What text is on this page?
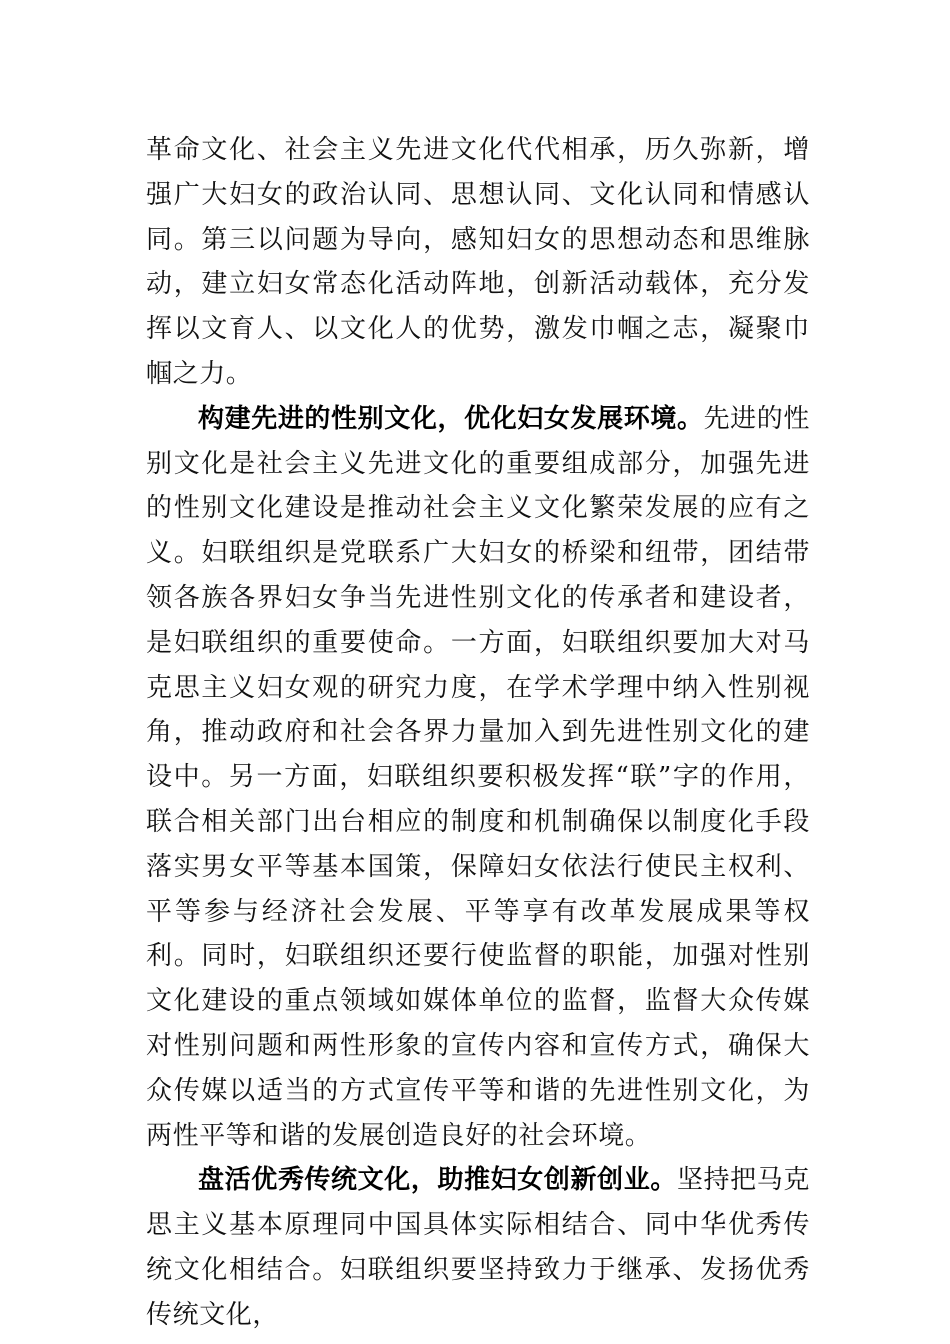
革命文化、社会主义先进文化代代相承，历久弥新，增强广大妇女的政治认同、思想认同、文化认同和情感认同。第三以问题为导向，感知妇女的思想动态和思维脉动，建立妇女常态化活动阵地，创新活动载体，充分发挥以文育人、以文化人的优势，激发巾帼之志，凝聚巾帼之力。

构建先进的性别文化，优化妇女发展环境。先进的性别文化是社会主义先进文化的重要组成部分，加强先进的性别文化建设是推动社会主义文化繁荣发展的应有之义。妇联组织是党联系广大妇女的桥梁和纽带，团结带领各族各界妇女争当先进性别文化的传承者和建设者，是妇联组织的重要使命。一方面，妇联组织要加大对马克思主义妇女观的研究力度，在学术学理中纳入性别视角，推动政府和社会各界力量加入到先进性别文化的建设中。另一方面，妇联组织要积极发挥“联”字的作用，联合相关部门出台相应的制度和机制确保以制度化手段落实男女平等基本国策，保障妇女依法行使民主权利、平等参与经济社会发展、平等享有改革发展成果等权利。同时，妇联组织还要行使监督的职能，加强对性别文化建设的重点领域如媒体单位的监督，监督大众传媒对性别问题和两性形象的宣传内容和宣传方式，确保大众传媒以适当的方式宣传平等和谐的先进性别文化，为两性平等和谐的发展创造良好的社会环境。

盘活优秀传统文化，助推妇女创新创业。坚持把马克思主义基本原理同中国具体实际相结合、同中华优秀传统文化相结合。妇联组织要坚持致力于继承、发扬优秀传统文化，
